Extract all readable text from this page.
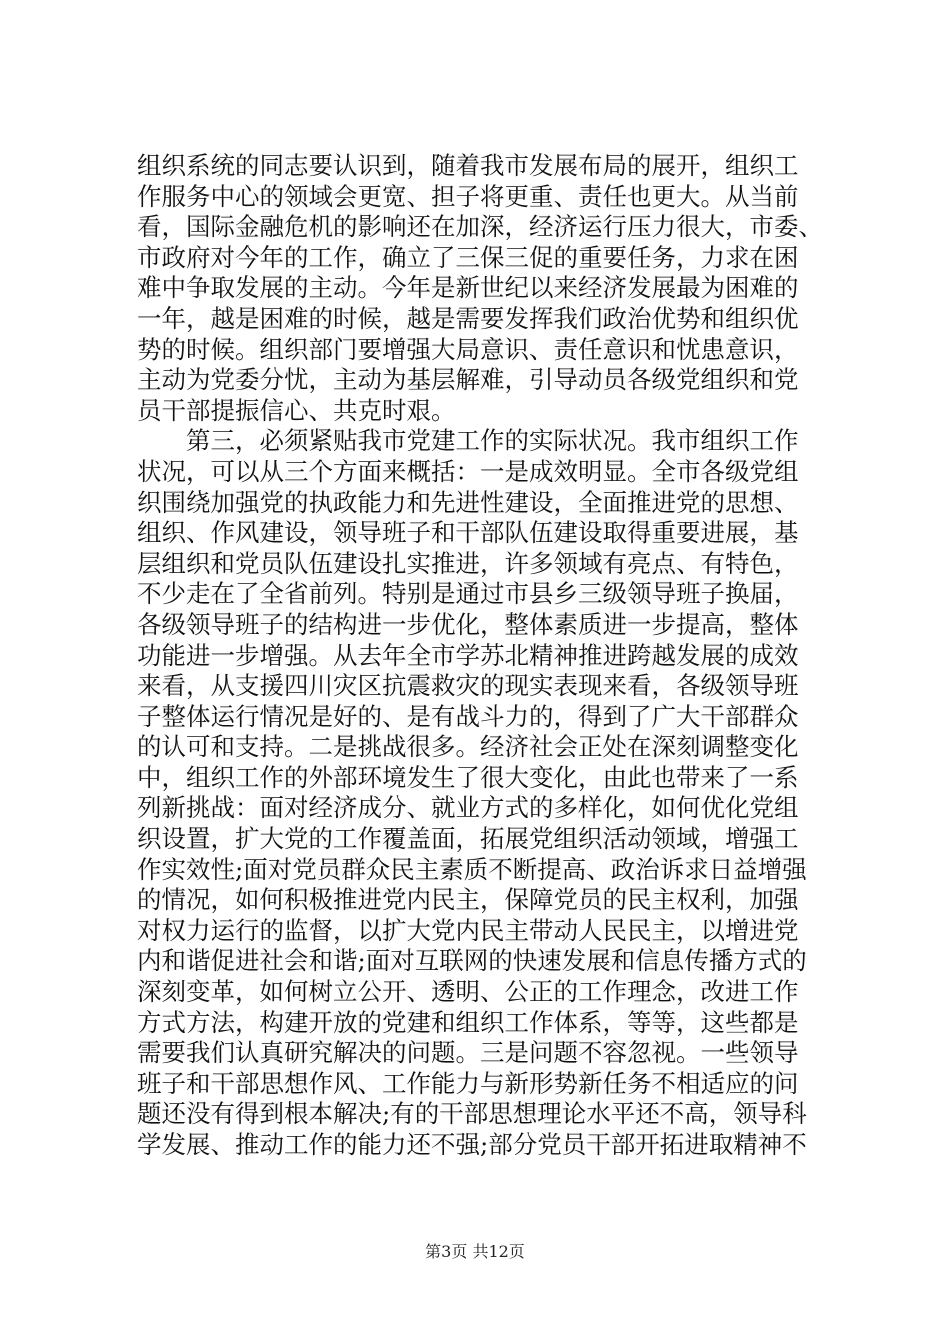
组织系统的同志要认识到，随着我市发展布局的展开，组织工
作服务中心的领域会更宽、担子将更重、责任也更大。从当前
看，国际金融危机的影响还在加深，经济运行压力很大，市委、
市政府对今年的工作，确立了三保三促的重要任务，力求在困
难中争取发展的主动。今年是新世纪以来经济发展最为困难的
一年，越是困难的时候，越是需要发挥我们政治优势和组织优
势的时候。组织部门要增强大局意识、责任意识和忧患意识，
主动为党委分忧，主动为基层解难，引导动员各级党组织和党
员干部提振信心、共克时艰。
　　第三，必须紧贴我市党建工作的实际状况。我市组织工作
状况，可以从三个方面来概括：一是成效明显。全市各级党组
织围绕加强党的执政能力和先进性建设，全面推进党的思想、
组织、作风建设，领导班子和干部队伍建设取得重要进展，基
层组织和党员队伍建设扎实推进，许多领域有亮点、有特色，
不少走在了全省前列。特别是通过市县乡三级领导班子换届，
各级领导班子的结构进一步优化，整体素质进一步提高，整体
功能进一步增强。从去年全市学苏北精神推进跨越发展的成效
来看，从支援四川灾区抗震救灾的现实表现来看，各级领导班
子整体运行情况是好的、是有战斗力的，得到了广大干部群众
的认可和支持。二是挑战很多。经济社会正处在深刻调整变化
中，组织工作的外部环境发生了很大变化，由此也带来了一系
列新挑战：面对经济成分、就业方式的多样化，如何优化党组
织设置，扩大党的工作覆盖面，拓展党组织活动领域，增强工
作实效性;面对党员群众民主素质不断提高、政治诉求日益增强
的情况，如何积极推进党内民主，保障党员的民主权利，加强
对权力运行的监督，以扩大党内民主带动人民民主，以增进党
内和谐促进社会和谐;面对互联网的快速发展和信息传播方式的
深刻变革，如何树立公开、透明、公正的工作理念，改进工作
方式方法，构建开放的党建和组织工作体系，等等，这些都是
需要我们认真研究解决的问题。三是问题不容忽视。一些领导
班子和干部思想作风、工作能力与新形势新任务不相适应的问
题还没有得到根本解决;有的干部思想理论水平还不高，领导科
学发展、推动工作的能力还不强;部分党员干部开拓进取精神不
第3页 共12页
